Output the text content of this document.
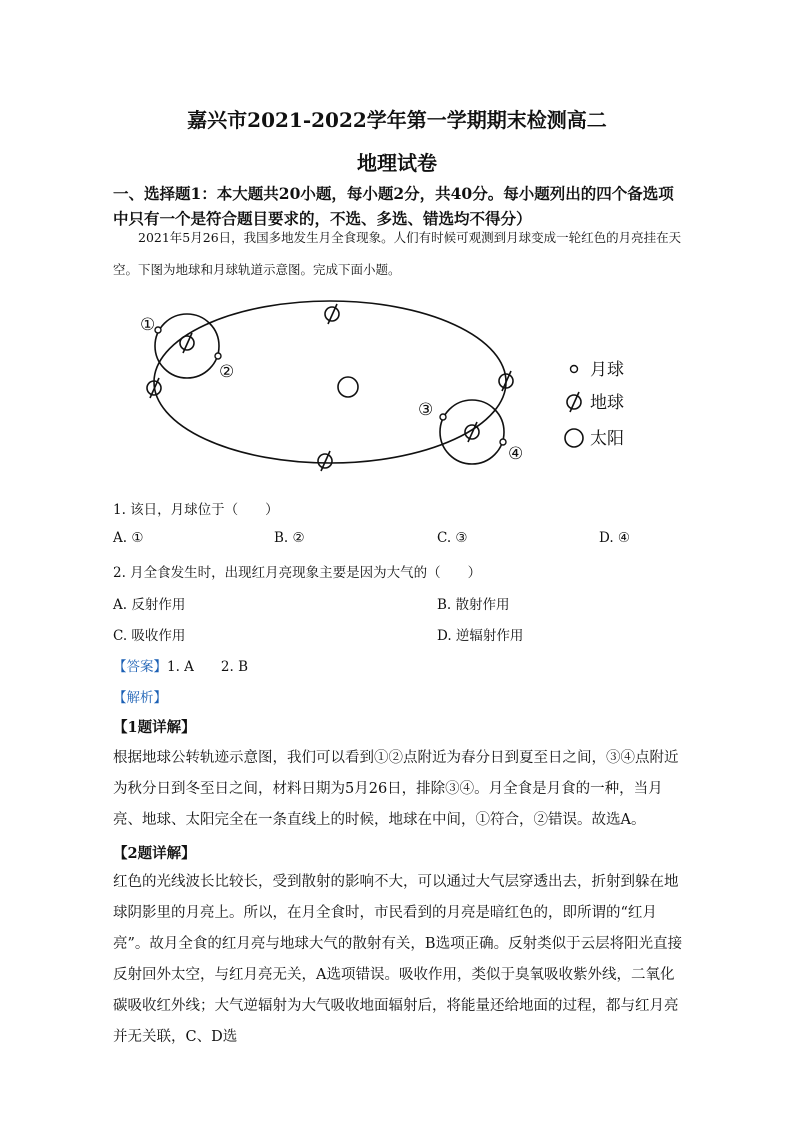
嘉兴市2021-2022学年第一学期期末检测高二
地理试卷
一、选择题1：本大题共20小题，每小题2分，共40分。每小题列出的四个备选项中只有一个是符合题目要求的，不选、多选、错选均不得分）
2021年5月26日，我国多地发生月全食现象。人们有时候可观测到月球变成一轮红色的月亮挂在天空。下图为地球和月球轨道示意图。完成下面小题。
①
②
③
④
月球
地球
太阳
1. 该日，月球位于（　　）
A. ①	B. ②	C. ③	D. ④
2. 月全食发生时，出现红月亮现象主要是因为大气的（　　）
A. 反射作用	B. 散射作用
C. 吸收作用	D. 逆辐射作用
【答案】1. A　　2. B
【解析】
【1题详解】
根据地球公转轨迹示意图，我们可以看到①②点附近为春分日到夏至日之间，③④点附近为秋分日到冬至日之间，材料日期为5月26日，排除③④。月全食是月食的一种，当月亮、地球、太阳完全在一条直线上的时候，地球在中间，①符合，②错误。故选A。
【2题详解】
红色的光线波长比较长，受到散射的影响不大，可以通过大气层穿透出去，折射到躲在地球阴影里的月亮上。所以，在月全食时，市民看到的月亮是暗红色的，即所谓的“红月亮”。故月全食的红月亮与地球大气的散射有关，B选项正确。反射类似于云层将阳光直接反射回外太空，与红月亮无关，A选项错误。吸收作用，类似于臭氧吸收紫外线，二氧化碳吸收红外线；大气逆辐射为大气吸收地面辐射后，将能量还给地面的过程，都与红月亮并无关联，C、D选
